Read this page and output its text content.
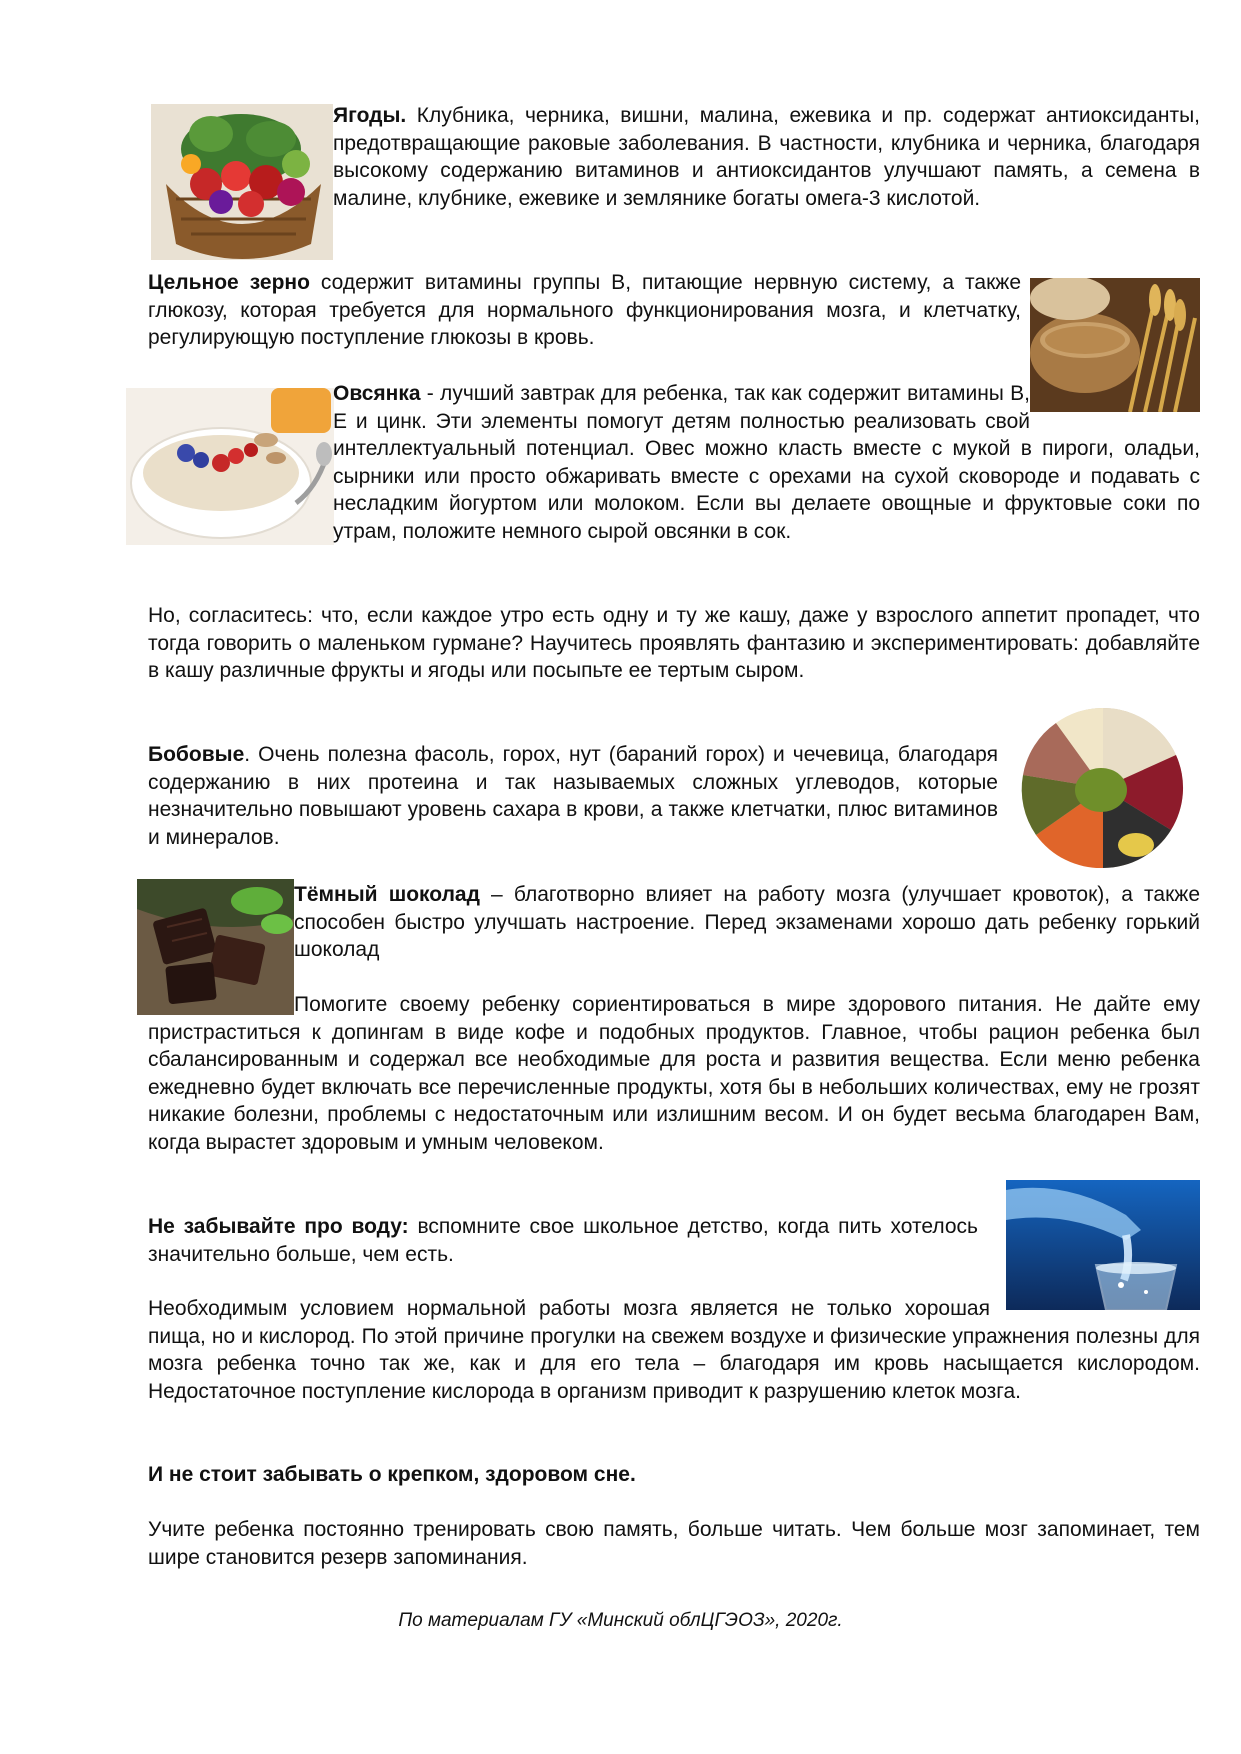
Ягоды. Клубника, черника, вишни, малина, ежевика и пр. содержат антиоксиданты, предотвращающие раковые заболевания. В частности, клубника и черника, благодаря высокому содержанию витаминов и антиоксидантов улучшают память, а семена в малине, клубнике, ежевике и землянике богаты омега-3 кислотой.

Цельное зерно содержит витамины группы В, питающие нервную систему, а также глюкозу, которая требуется для нормального функционирования мозга, и клетчатку, регулирующую поступление глюкозы в кровь.

Овсянка - лучший завтрак для ребенка, так как содержит витамины В, Е и цинк. Эти элементы помогут детям полностью реализовать свой интеллектуальный потенциал. Овес можно класть вместе с мукой в пироги, оладьи, сырники или просто обжаривать вместе с орехами на сухой сковороде и подавать с несладким йогуртом или молоком. Если вы делаете овощные и фруктовые соки по утрам, положите немного сырой овсянки в сок.

Но, согласитесь: что, если каждое утро есть одну и ту же кашу, даже у взрослого аппетит пропадет, что тогда говорить о маленьком гурмане? Научитесь проявлять фантазию и экспериментировать: добавляйте в кашу различные фрукты и ягоды или посыпьте ее тертым сыром.

Бобовые. Очень полезна фасоль, горох, нут (бараний горох) и чечевица, благодаря содержанию в них протеина и так называемых сложных углеводов, которые незначительно повышают уровень сахара в крови, а также клетчатки, плюс витаминов и минералов.

Тёмный шоколад – благотворно влияет на работу мозга (улучшает кровоток), а также способен быстро улучшать настроение. Перед экзаменами хорошо дать ребенку горький шоколад

Помогите своему ребенку сориентироваться в мире здорового питания. Не дайте ему пристраститься к допингам в виде кофе и подобных продуктов. Главное, чтобы рацион ребенка был сбалансированным и содержал все необходимые для роста и развития вещества. Если меню ребенка ежедневно будет включать все перечисленные продукты, хотя бы в небольших количествах, ему не грозят никакие болезни, проблемы с недостаточным или излишним весом. И он будет весьма благодарен Вам, когда вырастет здоровым и умным человеком.

Не забывайте про воду: вспомните свое школьное детство, когда пить хотелось значительно больше, чем есть.

Необходимым условием нормальной работы мозга является не только хорошая пища, но и кислород. По этой причине прогулки на свежем воздухе и физические упражнения полезны для мозга ребенка точно так же, как и для его тела – благодаря им кровь насыщается кислородом. Недостаточное поступление кислорода в организм приводит к разрушению клеток мозга.

И не стоит забывать о крепком, здоровом сне.

Учите ребенка постоянно тренировать свою память, больше читать. Чем больше мозг запоминает, тем шире становится резерв запоминания.

По материалам ГУ «Минский облЦГЭОЗ», 2020г.
